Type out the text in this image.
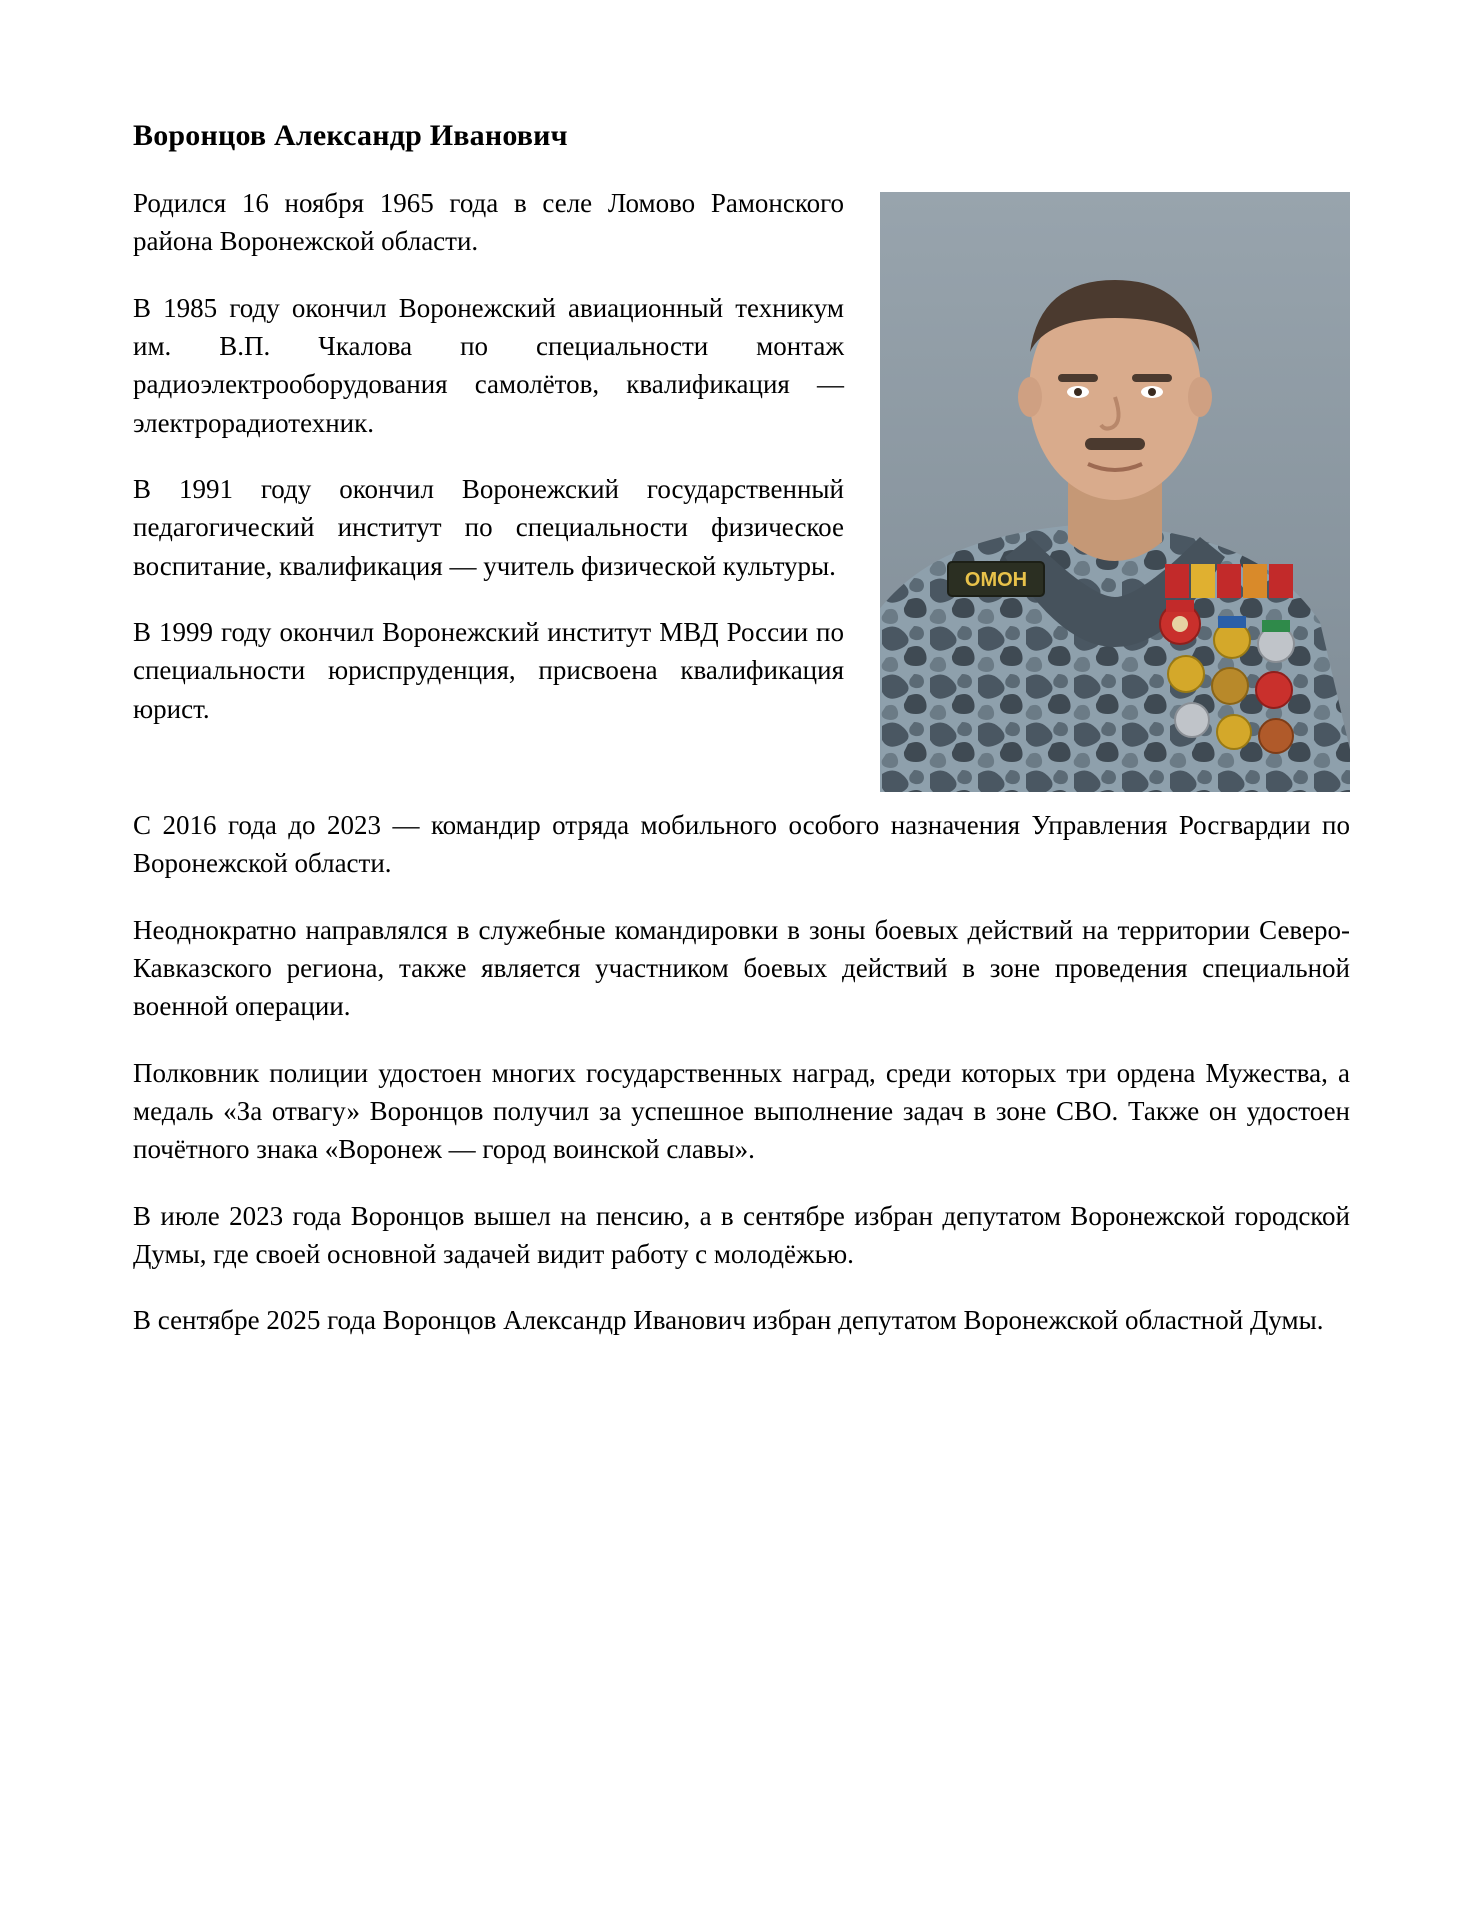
Воронцов Александр Иванович
ОМОН

Родился 16 ноября 1965 года в селе Ломово Рамонского района Воронежской области.

В 1985 году окончил Воронежский авиационный техникум им. В.П. Чкалова по специальности монтаж радиоэлектрооборудования самолётов, квалификация — электрорадиотехник.

В 1991 году окончил Воронежский государственный педагогический институт по специальности физическое воспитание, квалификация — учитель физической культуры.

В 1999 году окончил Воронежский институт МВД России по специальности юриспруденция, присвоена квалификация юрист.

С 2016 года до 2023 — командир отряда мобильного особого назначения Управления Росгвардии по Воронежской области.

Неоднократно направлялся в служебные командировки в зоны боевых действий на территории Северо-Кавказского региона, также является участником боевых действий в зоне проведения специальной военной операции.

Полковник полиции удостоен многих государственных наград, среди которых три ордена Мужества, а медаль «За отвагу» Воронцов получил за успешное выполнение задач в зоне СВО. Также он удостоен почётного знака «Воронеж — город воинской славы».

В июле 2023 года Воронцов вышел на пенсию, а в сентябре избран депутатом Воронежской городской Думы, где своей основной задачей видит работу с молодёжью.

В сентябре 2025 года Воронцов Александр Иванович избран депутатом Воронежской областной Думы.
